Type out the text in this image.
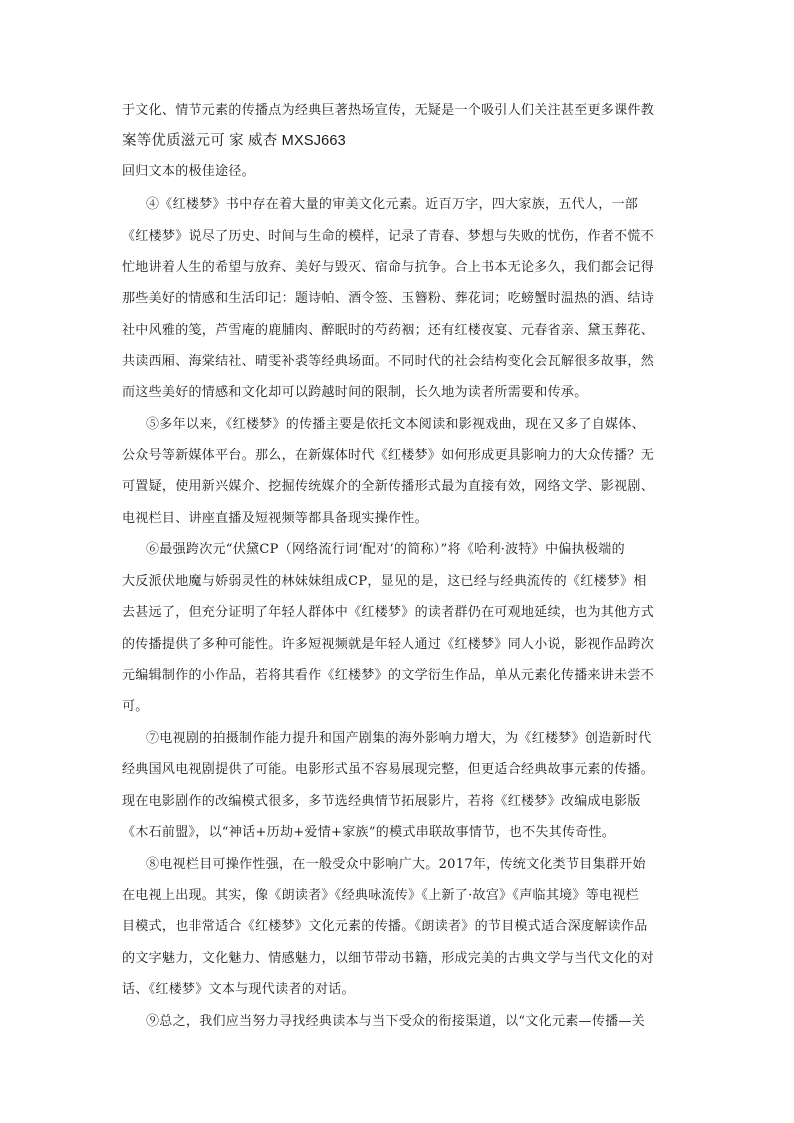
于文化、情节元素的传播点为经典巨著热场宣传，无疑是一个吸引人们关注甚至更多课件教
案等优质滋元可 家 威杏 MXSJ663
回归文本的极佳途径。
④《红楼梦》书中存在着大量的审美文化元素。近百万字，四大家族，五代人，一部
《红楼梦》说尽了历史、时间与生命的模样，记录了青春、梦想与失败的忧伤，作者不慌不
忙地讲着人生的希望与放弃、美好与毁灭、宿命与抗争。合上书本无论多久，我们都会记得
那些美好的情感和生活印记：题诗帕、酒令签、玉簪粉、葬花词；吃螃蟹时温热的酒、结诗
社中风雅的笺，芦雪庵的鹿脯肉、醉眠时的芍药裀；还有红楼夜宴、元春省亲、黛玉葬花、
共读西厢、海棠结社、晴雯补裘等经典场面。不同时代的社会结构变化会瓦解很多故事，然
而这些美好的情感和文化却可以跨越时间的限制，长久地为读者所需要和传承。
⑤多年以来，《红楼梦》的传播主要是依托文本阅读和影视戏曲，现在又多了自媒体、
公众号等新媒体平台。那么，在新媒体时代《红楼梦》如何形成更具影响力的大众传播？无
可置疑，使用新兴媒介、挖掘传统媒介的全新传播形式最为直接有效，网络文学、影视剧、
电视栏目、讲座直播及短视频等都具备现实操作性。
⑥最强跨次元“伏黛CP（网络流行词‘配对’的简称）”将《哈利·波特》中偏执极端的
大反派伏地魔与娇弱灵性的林妹妹组成CP，显见的是，这已经与经典流传的《红楼梦》相
去甚远了，但充分证明了年轻人群体中《红楼梦》的读者群仍在可观地延续，也为其他方式
的传播提供了多种可能性。许多短视频就是年轻人通过《红楼梦》同人小说，影视作品跨次
元编辑制作的小作品，若将其看作《红楼梦》的文学衍生作品，单从元素化传播来讲未尝不
可。
⑦电视剧的拍摄制作能力提升和国产剧集的海外影响力增大，为《红楼梦》创造新时代
经典国风电视剧提供了可能。电影形式虽不容易展现完整，但更适合经典故事元素的传播。
现在电影剧作的改编模式很多，多节选经典情节拓展影片，若将《红楼梦》改编成电影版
《木石前盟》，以“神话+历劫+爱情+家族”的模式串联故事情节，也不失其传奇性。
⑧电视栏目可操作性强，在一般受众中影响广大。2017年，传统文化类节目集群开始
在电视上出现。其实，像《朗读者》《经典咏流传》《上新了·故宫》《声临其境》等电视栏
目模式，也非常适合《红楼梦》文化元素的传播。《朗读者》的节目模式适合深度解读作品
的文字魅力，文化魅力、情感魅力，以细节带动书籍，形成完美的古典文学与当代文化的对
话、《红楼梦》文本与现代读者的对话。
⑨总之，我们应当努力寻找经典读本与当下受众的衔接渠道，以“文化元素—传播—关
